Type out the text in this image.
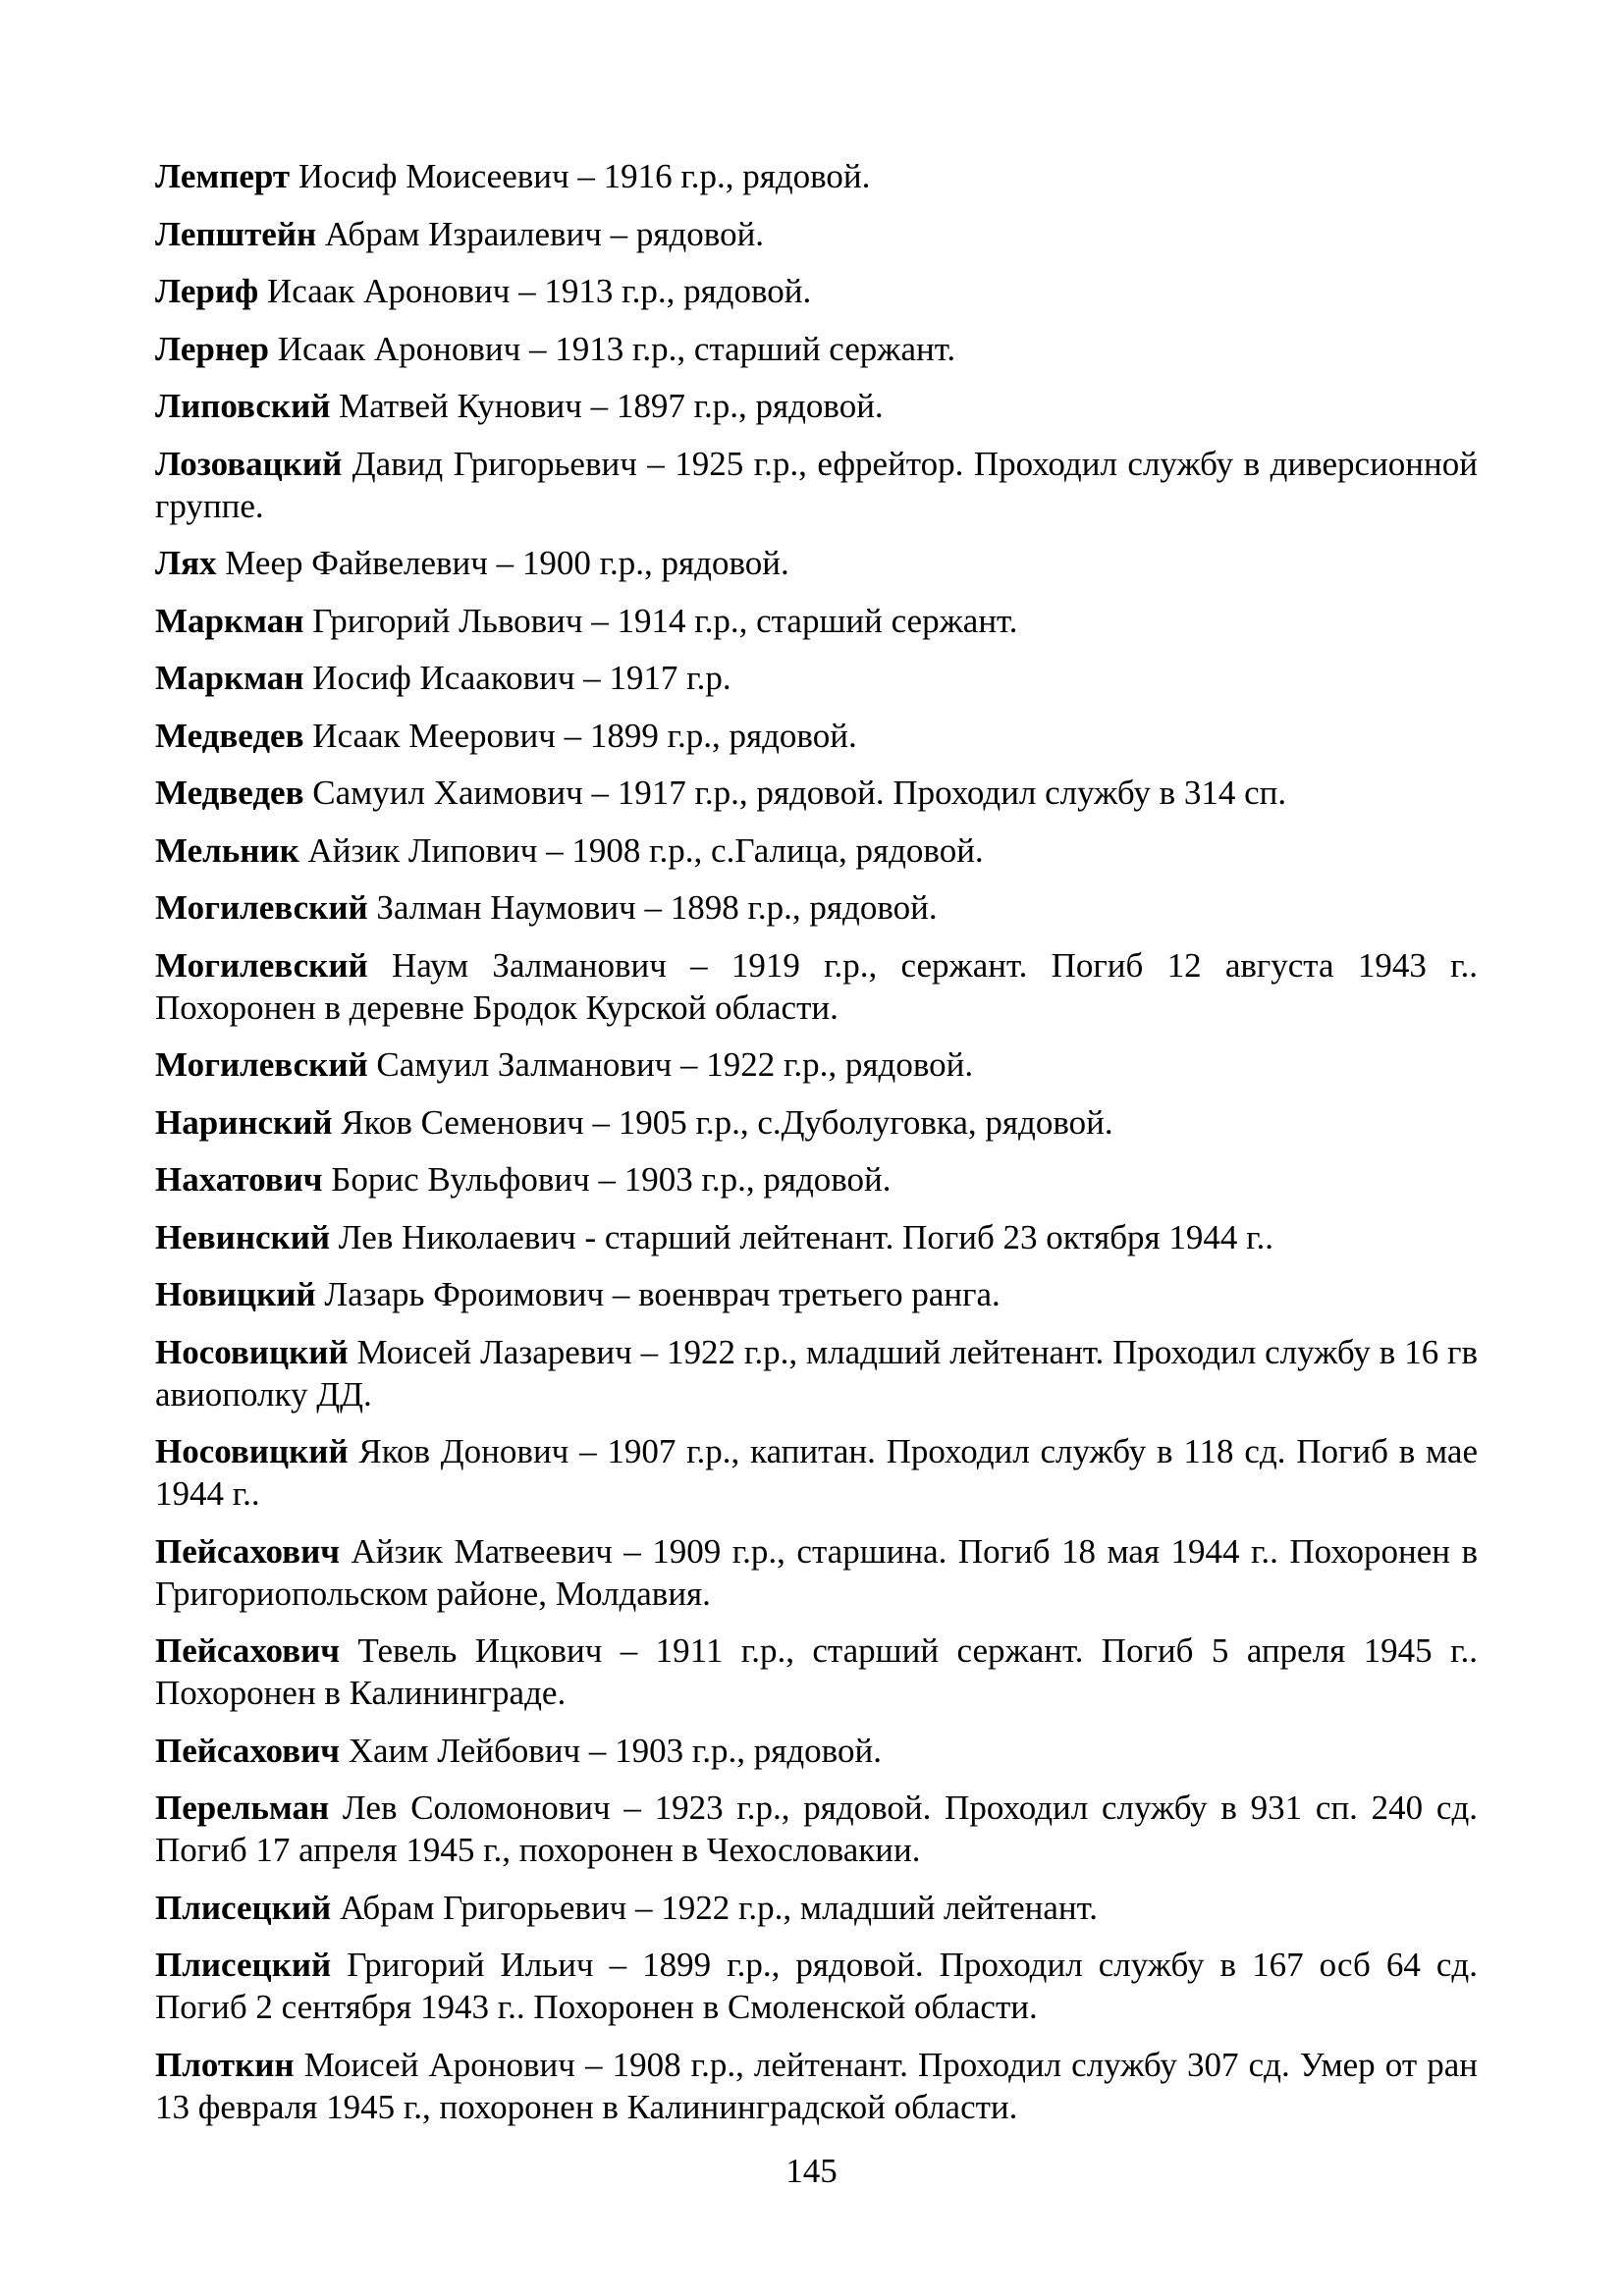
Лемперт Иосиф Моисеевич – 1916 г.р., рядовой.

Лепштейн Абрам Израилевич – рядовой.

Лериф Исаак Аронович – 1913 г.р., рядовой.

Лернер Исаак Аронович – 1913 г.р., старший сержант.

Липовский Матвей Кунович – 1897 г.р., рядовой.

Лозовацкий Давид Григорьевич – 1925 г.р., ефрейтор. Проходил службу в диверсионной группе.

Лях Меер Файвелевич – 1900 г.р., рядовой.

Маркман Григорий Львович – 1914 г.р., старший сержант.

Маркман Иосиф Исаакович – 1917 г.р.

Медведев Исаак Меерович – 1899 г.р., рядовой.

Медведев Самуил Хаимович – 1917 г.р., рядовой. Проходил службу в 314 сп.

Мельник Айзик Липович – 1908 г.р., с.Галица, рядовой.

Могилевский Залман Наумович – 1898 г.р., рядовой.

Могилевский Наум Залманович – 1919 г.р., сержант. Погиб 12 августа 1943 г.. Похоронен в деревне Бродок Курской области.

Могилевский Самуил Залманович – 1922 г.р., рядовой.

Наринский Яков Семенович – 1905 г.р., с.Дуболуговка, рядовой.

Нахатович Борис Вульфович – 1903 г.р., рядовой.

Невинский Лев Николаевич - старший лейтенант. Погиб 23 октября 1944 г..

Новицкий Лазарь Фроимович – военврач третьего ранга.

Носовицкий Моисей Лазаревич – 1922 г.р., младший лейтенант. Проходил службу в 16 гв авиополку ДД.

Носовицкий Яков Донович – 1907 г.р., капитан. Проходил службу в 118 сд. Погиб в мае 1944 г..

Пейсахович Айзик Матвеевич – 1909 г.р., старшина. Погиб 18 мая 1944 г.. Похоронен в Григориопольском районе, Молдавия.

Пейсахович Тевель Ицкович – 1911 г.р., старший сержант. Погиб 5 апреля 1945 г.. Похоронен в Калининграде.

Пейсахович Хаим Лейбович – 1903 г.р., рядовой.

Перельман Лев Соломонович – 1923 г.р., рядовой. Проходил службу в 931 сп. 240 сд. Погиб 17 апреля 1945 г., похоронен в Чехословакии.

Плисецкий Абрам Григорьевич – 1922 г.р., младший лейтенант.

Плисецкий Григорий Ильич – 1899 г.р., рядовой. Проходил службу в 167 осб 64 сд. Погиб 2 сентября 1943 г.. Похоронен в Смоленской области.

Плоткин Моисей Аронович – 1908 г.р., лейтенант. Проходил службу 307 сд. Умер от ран 13 февраля 1945 г., похоронен в Калининградской области.

145
